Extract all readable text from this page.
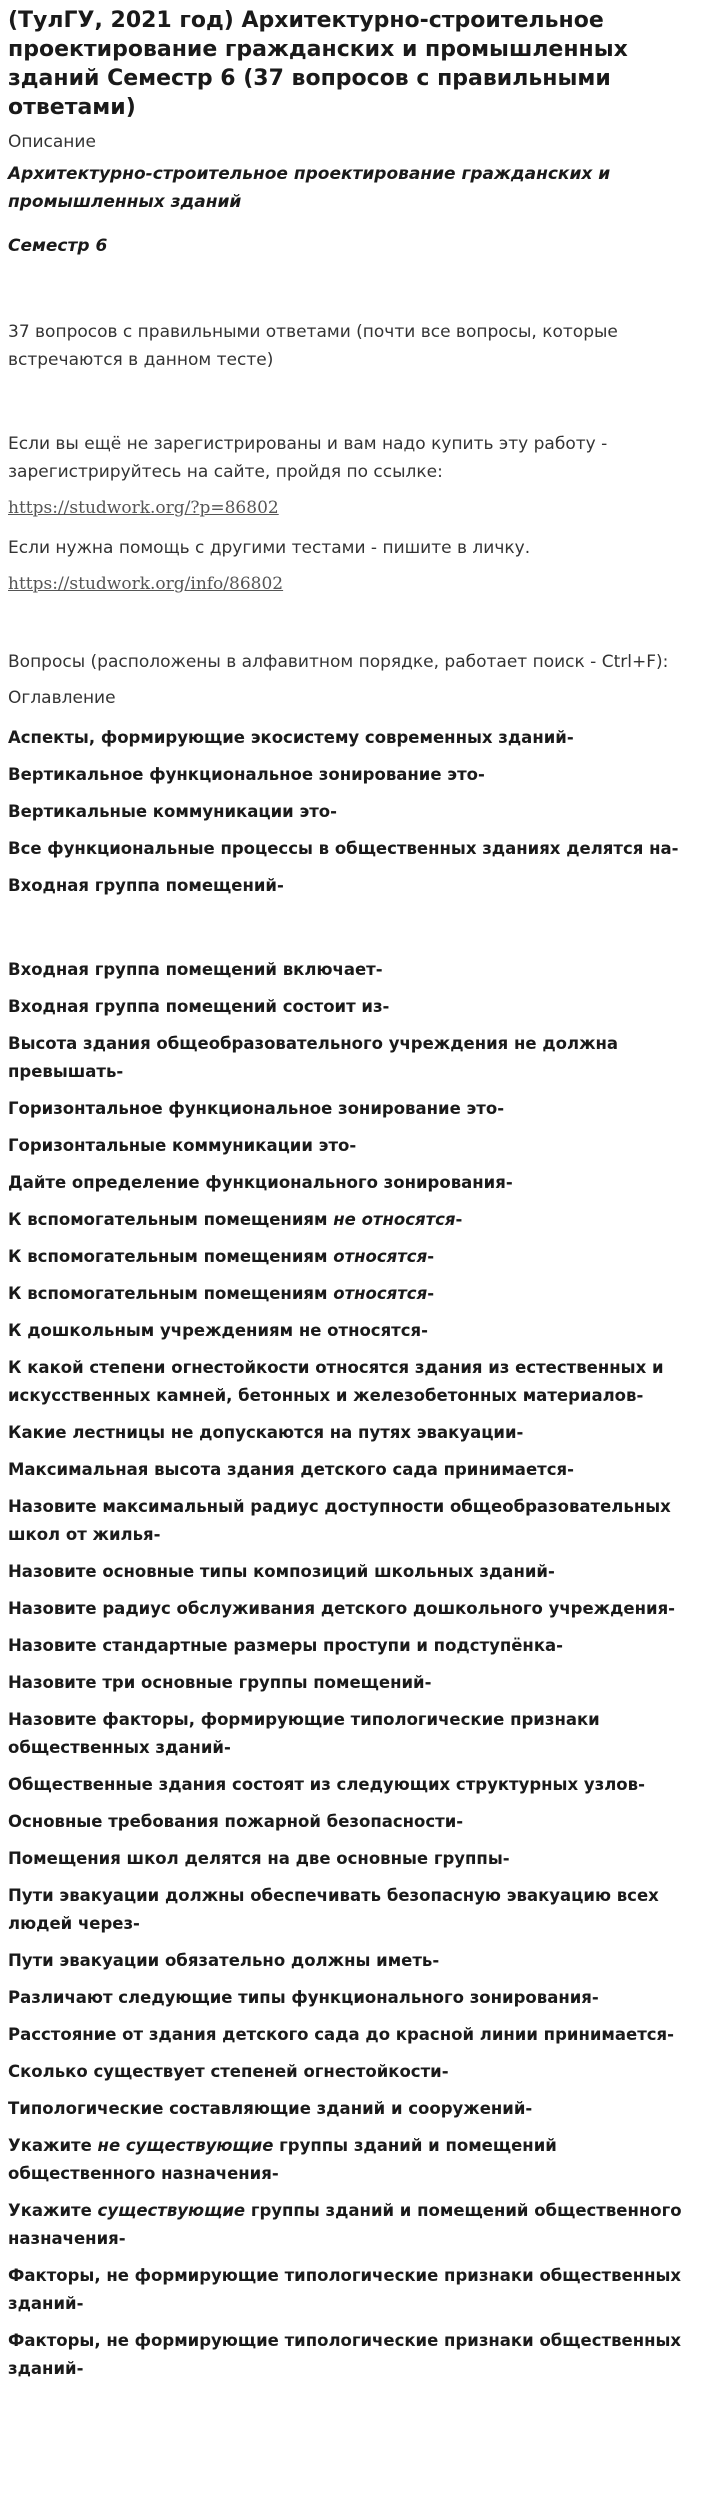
(ТулГУ, 2021 год) Архитектурно-строительное проектирование гражданских и промышленных зданий Семестр 6 (37 вопросов с правильными ответами)
Описание
Архитектурно-строительное проектирование гражданских и промышленных зданий
Семестр 6
37 вопросов с правильными ответами (почти все вопросы, которые встречаются в данном тесте)
Если вы ещё не зарегистрированы и вам надо купить эту работу - зарегистрируйтесь на сайте, пройдя по ссылке:
https://studwork.org/?p=86802
Если нужна помощь с другими тестами - пишите в личку.
https://studwork.org/info/86802
Вопросы (расположены в алфавитном порядке, работает поиск - Ctrl+F):
Оглавление
Аспекты, формирующие экосистему современных зданий-
Вертикальное функциональное зонирование это-
Вертикальные коммуникации это-
Все функциональные процессы в общественных зданиях делятся на-
Входная группа помещений-
Входная группа помещений включает-
Входная группа помещений состоит из-
Высота здания общеобразовательного учреждения не должна превышать-
Горизонтальное функциональное зонирование это-
Горизонтальные коммуникации это-
Дайте определение функционального зонирования-
К вспомогательным помещениям не относятся-
К вспомогательным помещениям относятся-
К вспомогательным помещениям относятся-
К дошкольным учреждениям не относятся-
К какой степени огнестойкости относятся здания из естественных и искусственных камней, бетонных и железобетонных материалов-
Какие лестницы не допускаются на путях эвакуации-
Максимальная высота здания детского сада принимается-
Назовите максимальный радиус доступности общеобразовательных школ от жилья-
Назовите основные типы композиций школьных зданий-
Назовите радиус обслуживания детского дошкольного учреждения-
Назовите стандартные размеры проступи и подступёнка-
Назовите три основные группы помещений-
Назовите факторы, формирующие типологические признаки общественных зданий-
Общественные здания состоят из следующих структурных узлов-
Основные требования пожарной безопасности-
Помещения школ делятся на две основные группы-
Пути эвакуации должны обеспечивать безопасную эвакуацию всех людей через-
Пути эвакуации обязательно должны иметь-
Различают следующие типы функционального зонирования-
Расстояние от здания детского сада до красной линии принимается-
Сколько существует степеней огнестойкости-
Типологические составляющие зданий и сооружений-
Укажите не существующие группы зданий и помещений общественного назначения-
Укажите существующие группы зданий и помещений общественного назначения-
Факторы, не формирующие типологические признаки общественных зданий-
Факторы, не формирующие типологические признаки общественных зданий-
